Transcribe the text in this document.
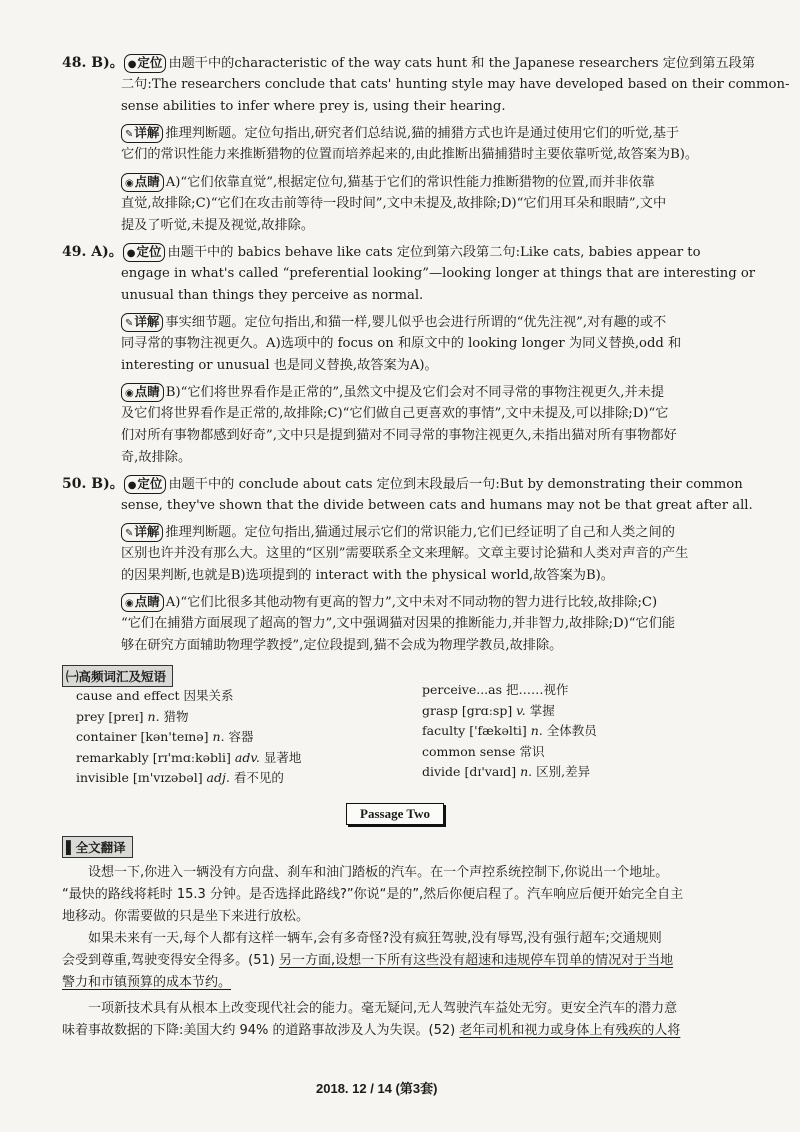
48. B)。 ●定位 由题干中的characteristic of the way cats hunt 和 the Japanese researchers 定位到第五段第
二句:The researchers conclude that cats' hunting style may have developed based on their common-
sense abilities to infer where prey is, using their hearing.
✎详解 推理判断题。定位句指出,研究者们总结说,猫的捕猎方式也许是通过使用它们的听觉,基于
它们的常识性能力来推断猎物的位置而培养起来的,由此推断出猫捕猎时主要依靠听觉,故答案为B)。
◉点睛 A)“它们依靠直觉”,根据定位句,猫基于它们的常识性能力推断猎物的位置,而并非依靠
直觉,故排除;C)“它们在攻击前等待一段时间”,文中未提及,故排除;D)“它们用耳朵和眼睛”,文中
提及了听觉,未提及视觉,故排除。
49. A)。 ●定位 由题干中的 babics behave like cats 定位到第六段第二句:Like cats, babies appear to
engage in what's called “preferential looking”—looking longer at things that are interesting or
unusual than things they perceive as normal.
✎详解 事实细节题。定位句指出,和猫一样,婴儿似乎也会进行所谓的“优先注视”,对有趣的或不
同寻常的事物注视更久。A)选项中的 focus on 和原文中的 looking longer 为同义替换,odd 和
interesting or unusual 也是同义替换,故答案为A)。
◉点睛 B)“它们将世界看作是正常的”,虽然文中提及它们会对不同寻常的事物注视更久,并未提
及它们将世界看作是正常的,故排除;C)“它们做自己更喜欢的事情”,文中未提及,可以排除;D)“它
们对所有事物都感到好奇”,文中只是提到猫对不同寻常的事物注视更久,未指出猫对所有事物都好
奇,故排除。
50. B)。 ●定位 由题干中的 conclude about cats 定位到末段最后一句:But by demonstrating their common
sense, they've shown that the divide between cats and humans may not be that great after all.
✎详解 推理判断题。定位句指出,猫通过展示它们的常识能力,它们已经证明了自己和人类之间的
区别也许并没有那么大。这里的“区别”需要联系全文来理解。文章主要讨论猫和人类对声音的产生
的因果判断,也就是B)选项提到的 interact with the physical world,故答案为B)。
◉点睛 A)“它们比很多其他动物有更高的智力”,文中未对不同动物的智力进行比较,故排除;C)
“它们在捕猎方面展现了超高的智力”,文中强调猫对因果的推断能力,并非智力,故排除;D)“它们能
够在研究方面辅助物理学教授”,定位段提到,猫不会成为物理学教员,故排除。
㈠高频词汇及短语
cause and effect 因果关系
prey [preɪ] n. 猎物
container [kən'teɪnə] n. 容器
remarkably [rɪ'mɑːkəbli] adv. 显著地
invisible [ɪn'vɪzəbəl] adj. 看不见的
perceive...as 把……视作
grasp [grɑːsp] v. 掌握
faculty ['fækəlti] n. 全体教员
common sense 常识
divide [dɪ'vaɪd] n. 区别,差异
Passage Two
▌全文翻译
设想一下,你进入一辆没有方向盘、刹车和油门踏板的汽车。在一个声控系统控制下,你说出一个地址。
“最快的路线将耗时 15.3 分钟。是否选择此路线?”你说“是的”,然后你便启程了。汽车响应后便开始完全自主
地移动。你需要做的只是坐下来进行放松。
如果未来有一天,每个人都有这样一辆车,会有多奇怪?没有疯狂驾驶,没有辱骂,没有强行超车;交通规则
会受到尊重,驾驶变得安全得多。(51) 另一方面,设想一下所有这些没有超速和违规停车罚单的情况对于当地
警力和市镇预算的成本节约。
一项新技术具有从根本上改变现代社会的能力。毫无疑问,无人驾驶汽车益处无穷。更安全汽车的潜力意
味着事故数据的下降:美国大约 94% 的道路事故涉及人为失误。(52) 老年司机和视力或身体上有残疾的人将
2018. 12 / 14 (第3套)
